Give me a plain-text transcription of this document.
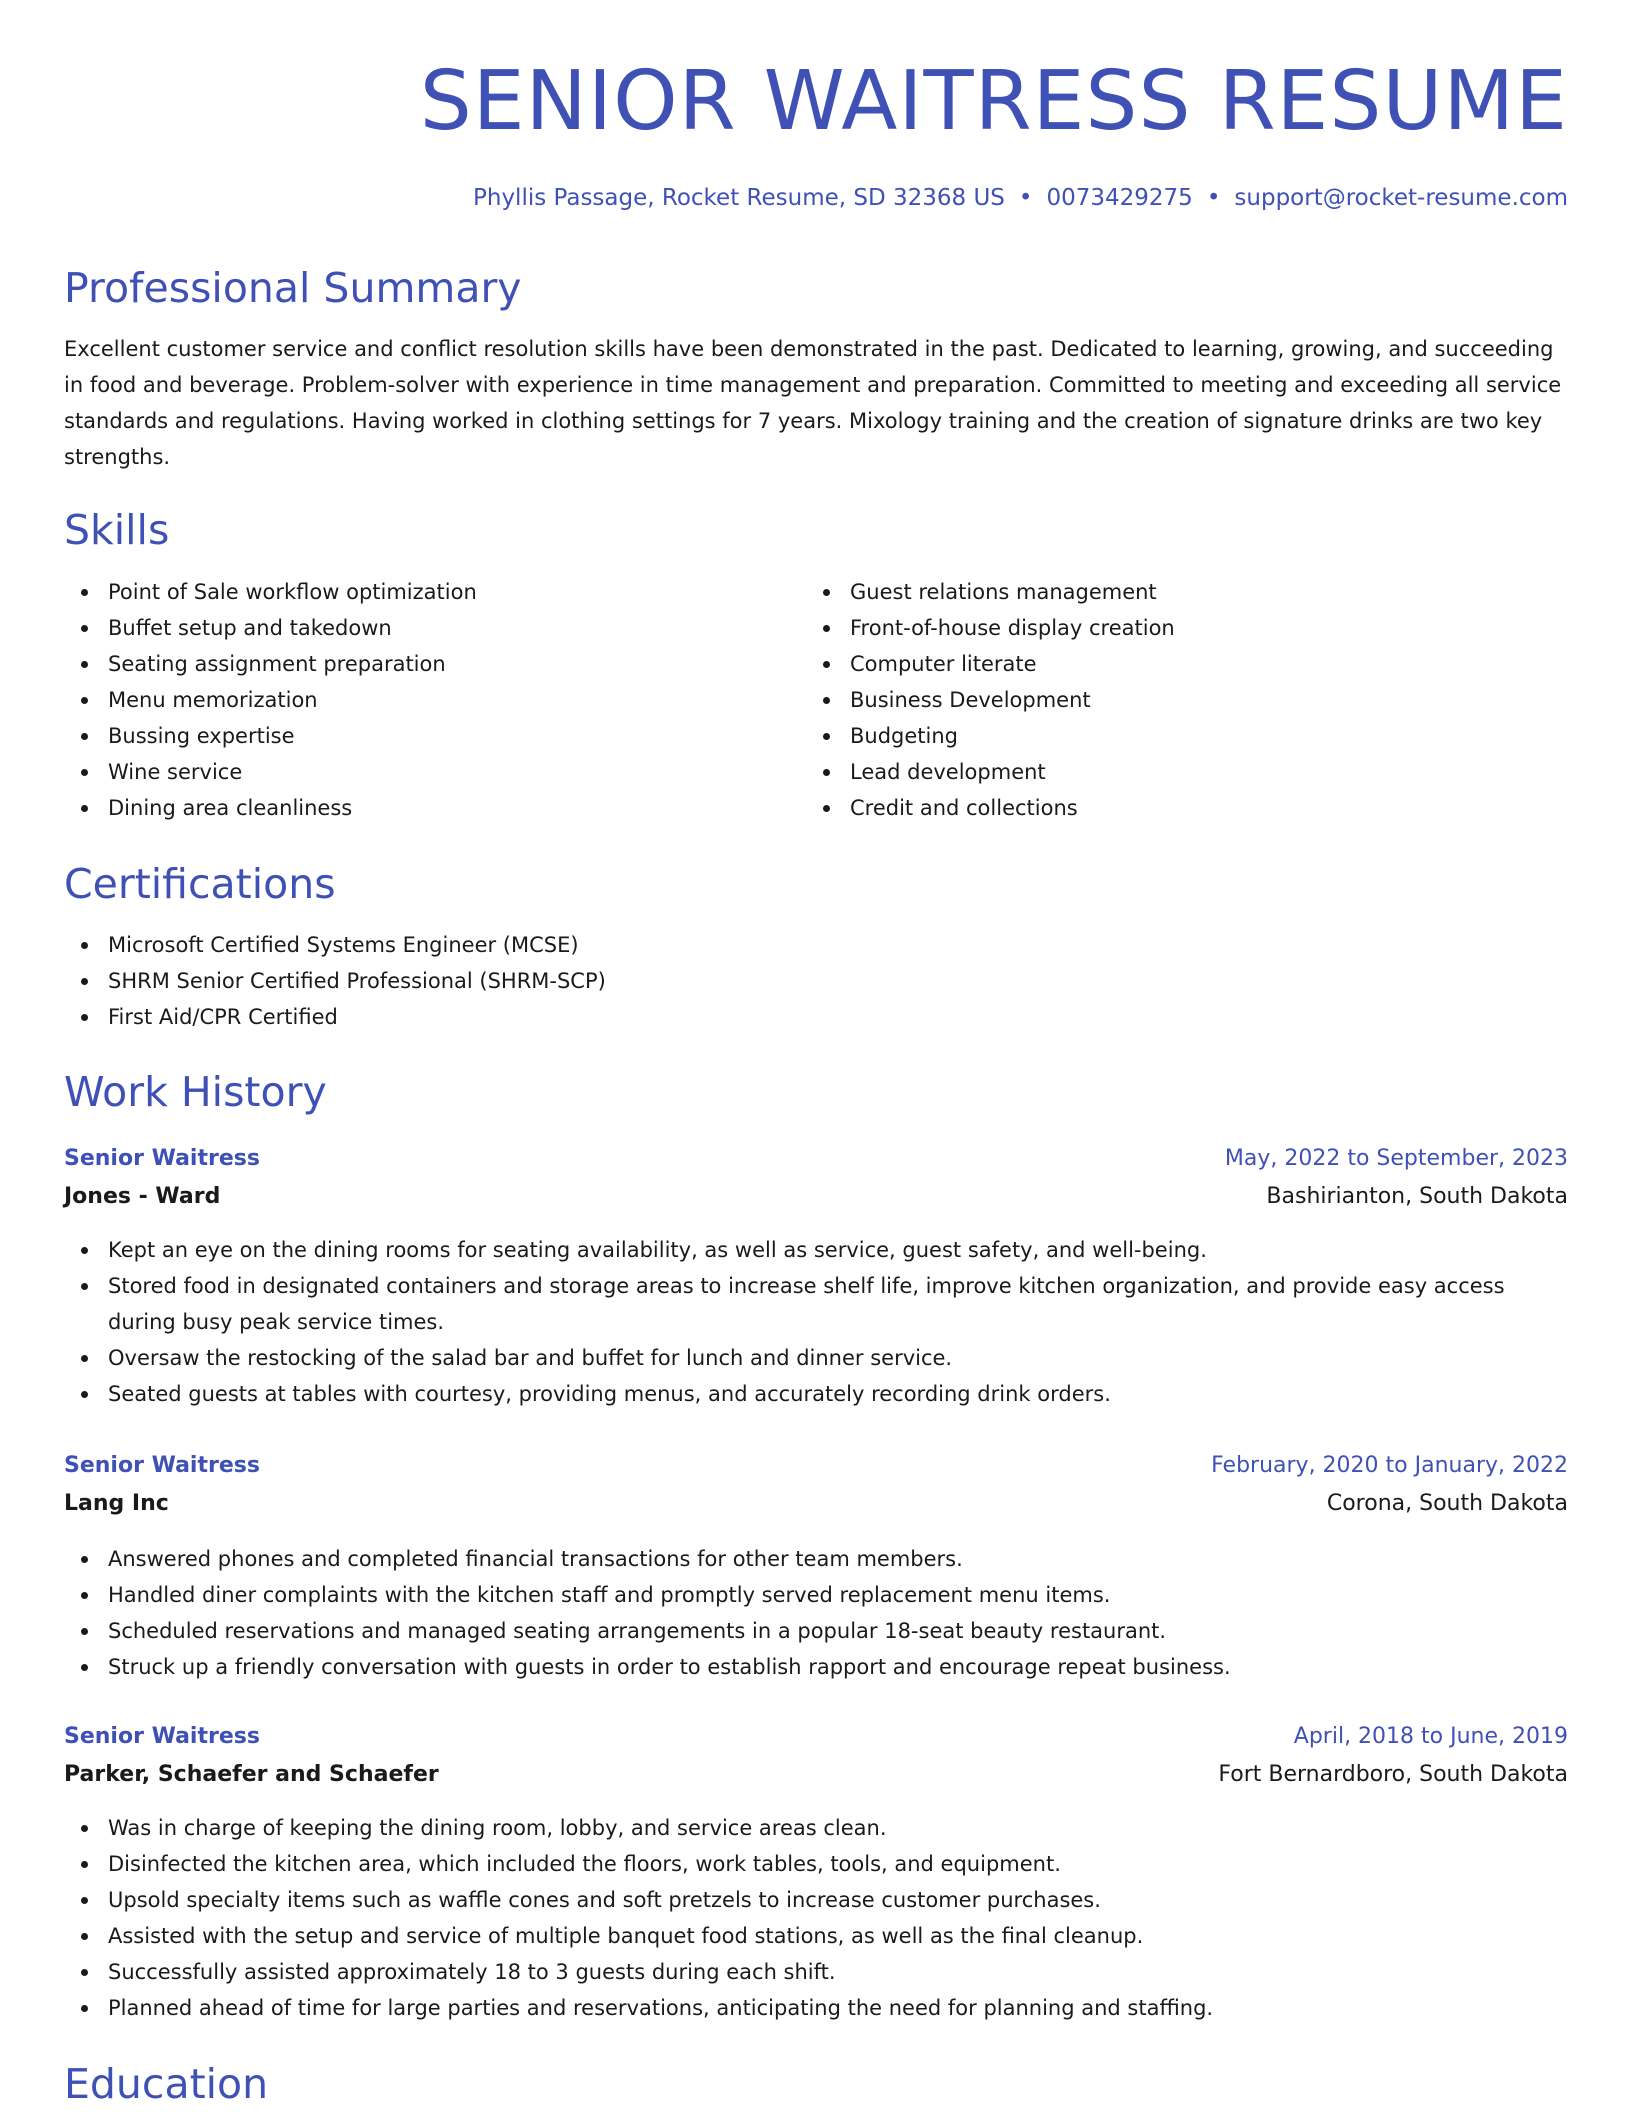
SENIOR WAITRESS RESUME
Phyllis Passage, Rocket Resume, SD 32368 US • 0073429275 • support@rocket-resume.com
Professional Summary
Excellent customer service and conflict resolution skills have been demonstrated in the past. Dedicated to learning, growing, and succeeding in food and beverage. Problem-solver with experience in time management and preparation. Committed to meeting and exceeding all service standards and regulations. Having worked in clothing settings for 7 years. Mixology training and the creation of signature drinks are two key strengths.
Skills
Point of Sale workflow optimization
Buffet setup and takedown
Seating assignment preparation
Menu memorization
Bussing expertise
Wine service
Dining area cleanliness
Guest relations management
Front-of-house display creation
Computer literate
Business Development
Budgeting
Lead development
Credit and collections
Certifications
Microsoft Certified Systems Engineer (MCSE)
SHRM Senior Certified Professional (SHRM-SCP)
First Aid/CPR Certified
Work History
Senior Waitress	May, 2022 to September, 2023
Jones - Ward	Bashirianton, South Dakota
Kept an eye on the dining rooms for seating availability, as well as service, guest safety, and well-being.
Stored food in designated containers and storage areas to increase shelf life, improve kitchen organization, and provide easy access during busy peak service times.
Oversaw the restocking of the salad bar and buffet for lunch and dinner service.
Seated guests at tables with courtesy, providing menus, and accurately recording drink orders.
Senior Waitress	February, 2020 to January, 2022
Lang Inc	Corona, South Dakota
Answered phones and completed financial transactions for other team members.
Handled diner complaints with the kitchen staff and promptly served replacement menu items.
Scheduled reservations and managed seating arrangements in a popular 18-seat beauty restaurant.
Struck up a friendly conversation with guests in order to establish rapport and encourage repeat business.
Senior Waitress	April, 2018 to June, 2019
Parker, Schaefer and Schaefer	Fort Bernardboro, South Dakota
Was in charge of keeping the dining room, lobby, and service areas clean.
Disinfected the kitchen area, which included the floors, work tables, tools, and equipment.
Upsold specialty items such as waffle cones and soft pretzels to increase customer purchases.
Assisted with the setup and service of multiple banquet food stations, as well as the final cleanup.
Successfully assisted approximately 18 to 3 guests during each shift.
Planned ahead of time for large parties and reservations, anticipating the need for planning and staffing.
Education
